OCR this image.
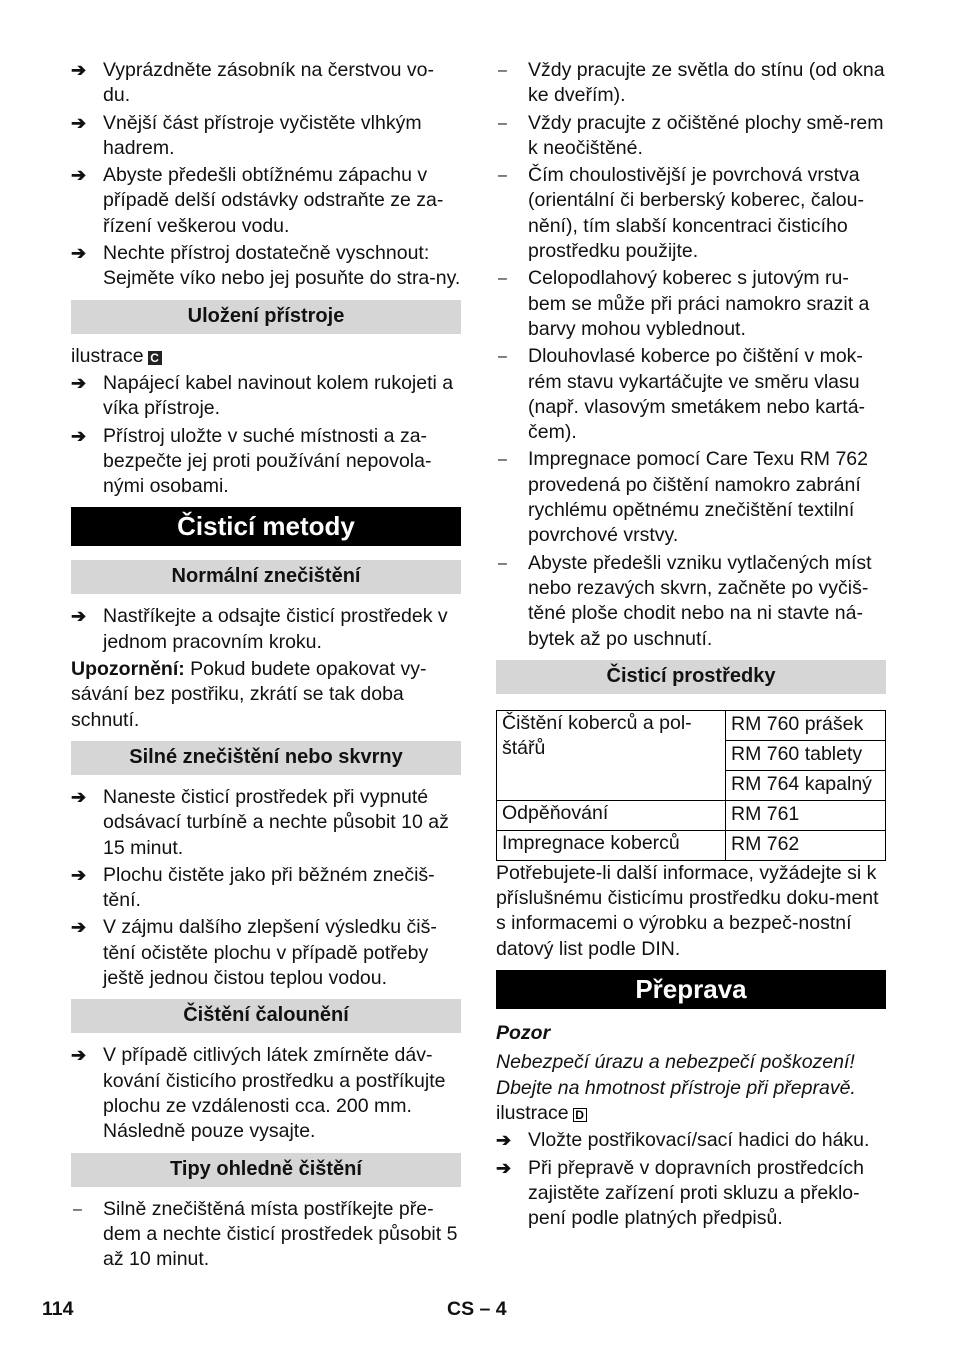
➔ Vyprázdněte zásobník na čerstvou vo-du.
➔ Vnější část přístroje vyčistěte vlhkým hadrem.
➔ Abyste předešli obtížnému zápachu v případě delší odstávky odstraňte ze za-řízení veškerou vodu.
➔ Nechte přístroj dostatečně vyschnout: Sejměte víko nebo jej posuňte do stra-ny.
Uložení přístroje
ilustrace C
➔ Napájecí kabel navinout kolem rukojeti a víka přístroje.
➔ Přístroj uložte v suché místnosti a za-bezpečte jej proti používání nepovola-nými osobami.
Čisticí metody
Normální znečištění
➔ Nastříkejte a odsajte čisticí prostředek v jednom pracovním kroku.
Upozornění: Pokud budete opakovat vy-sávání bez postřiku, zkrátí se tak doba schnutí.
Silné znečištění nebo skvrny
➔ Naneste čisticí prostředek při vypnuté odsávací turbíně a nechte působit 10 až 15 minut.
➔ Plochu čistěte jako při běžném znečiš-tění.
➔ V zájmu dalšího zlepšení výsledku čiš-tění očistěte plochu v případě potřeby ještě jednou čistou teplou vodou.
Čištění čalounění
➔ V případě citlivých látek zmírněte dáv-kování čisticího prostředku a postříkujte plochu ze vzdálenosti cca. 200 mm. Následně pouze vysajte.
Tipy ohledně čištění
–	Silně znečištěná místa postříkejte pře-dem a nechte čisticí prostředek působit 5 až 10 minut.
–	Vždy pracujte ze světla do stínu (od okna ke dveřím).
–	Vždy pracujte z očištěné plochy smě-rem k neočištěné.
–	Čím choulostivější je povrchová vrstva (orientální či berberský koberec, čalou-nění), tím slabší koncentraci čisticího prostředku použijte.
–	Celopodlahový koberec s jutovým ru-bem se může při práci namokro srazit a barvy mohou vyblednout.
–	Dlouhovlasé koberce po čištění v mok-rém stavu vykartáčujte ve směru vlasu (např. vlasovým smetákem nebo kartá-čem).
–	Impregnace pomocí Care Texu RM 762 provedená po čištění namokro zabrání rychlému opětnému znečištění textilní povrchové vrstvy.
–	Abyste předešli vzniku vytlačených míst nebo rezavých skvrn, začněte po vyčiš-těné ploše chodit nebo na ni stavte ná-bytek až po uschnutí.
Čisticí prostředky
Čištění koberců a pol-štářů	RM 760 prášek
	RM 760 tablety
	RM 764 kapalný
Odpěňování	RM 761
Impregnace koberců	RM 762
Potřebujete-li další informace, vyžádejte si k příslušnému čisticímu prostředku doku-ment s informacemi o výrobku a bezpeč-nostní datový list podle DIN.
Přeprava
Pozor
Nebezpečí úrazu a nebezpečí poškození! Dbejte na hmotnost přístroje při přepravě.
ilustrace D
➔ Vložte postřikovací/sací hadici do háku.
➔ Při přepravě v dopravních prostředcích zajistěte zařízení proti skluzu a překlo-pení podle platných předpisů.
114	CS – 4
